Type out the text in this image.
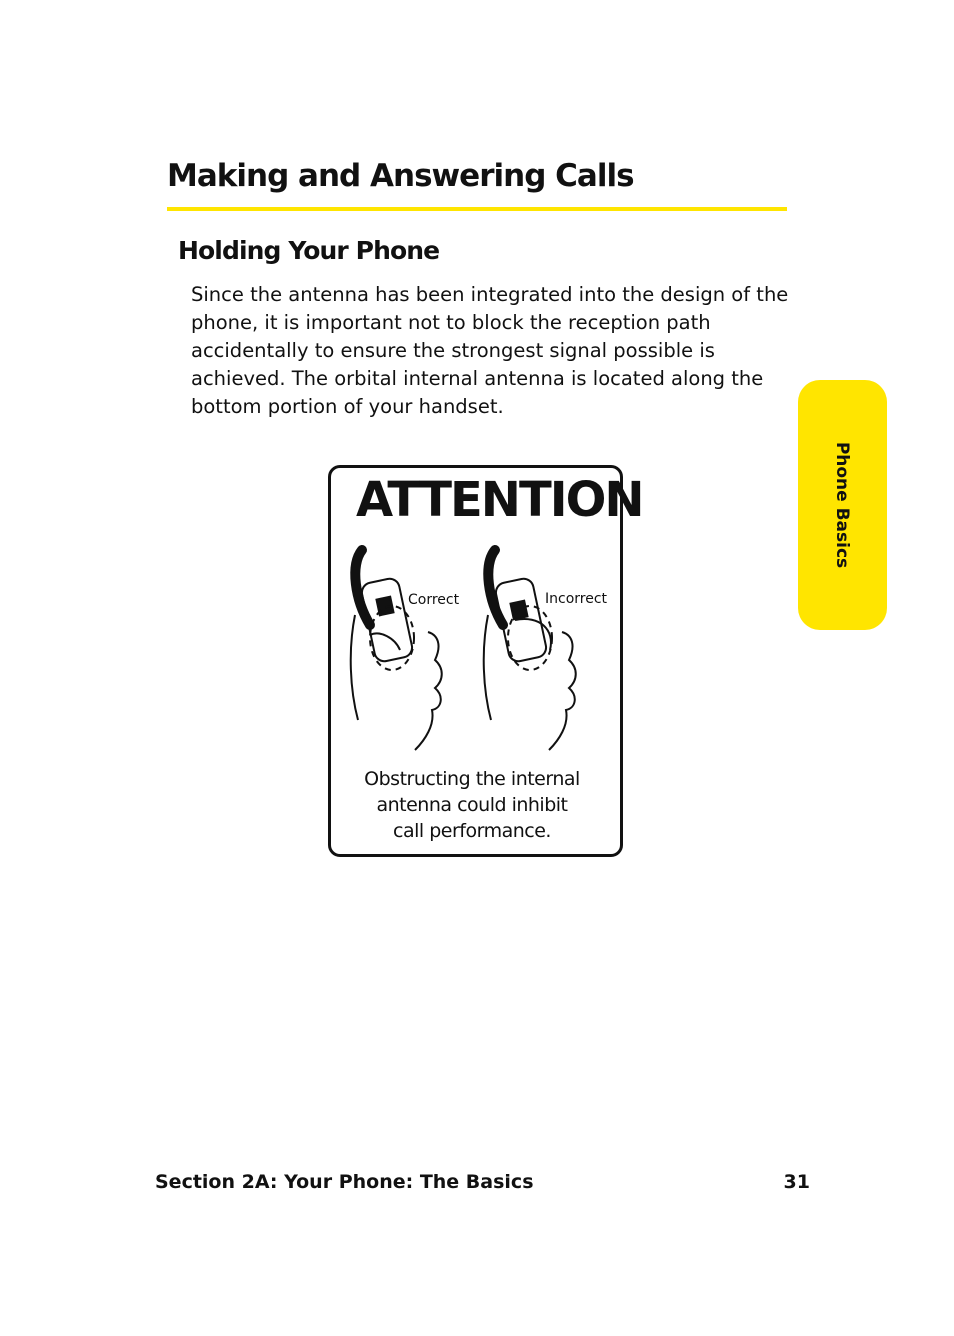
Making and Answering Calls
Holding Your Phone

Since the antenna has been integrated into the design of the phone, it is important not to block the reception path accidentally to ensure the strongest signal possible is achieved. The orbital internal antenna is located along the bottom portion of your handset.

Phone Basics
ATTENTION
Correct	Incorrect
Obstructing the internal
antenna could inhibit
call performance.
Section 2A: Your Phone: The Basics	31
